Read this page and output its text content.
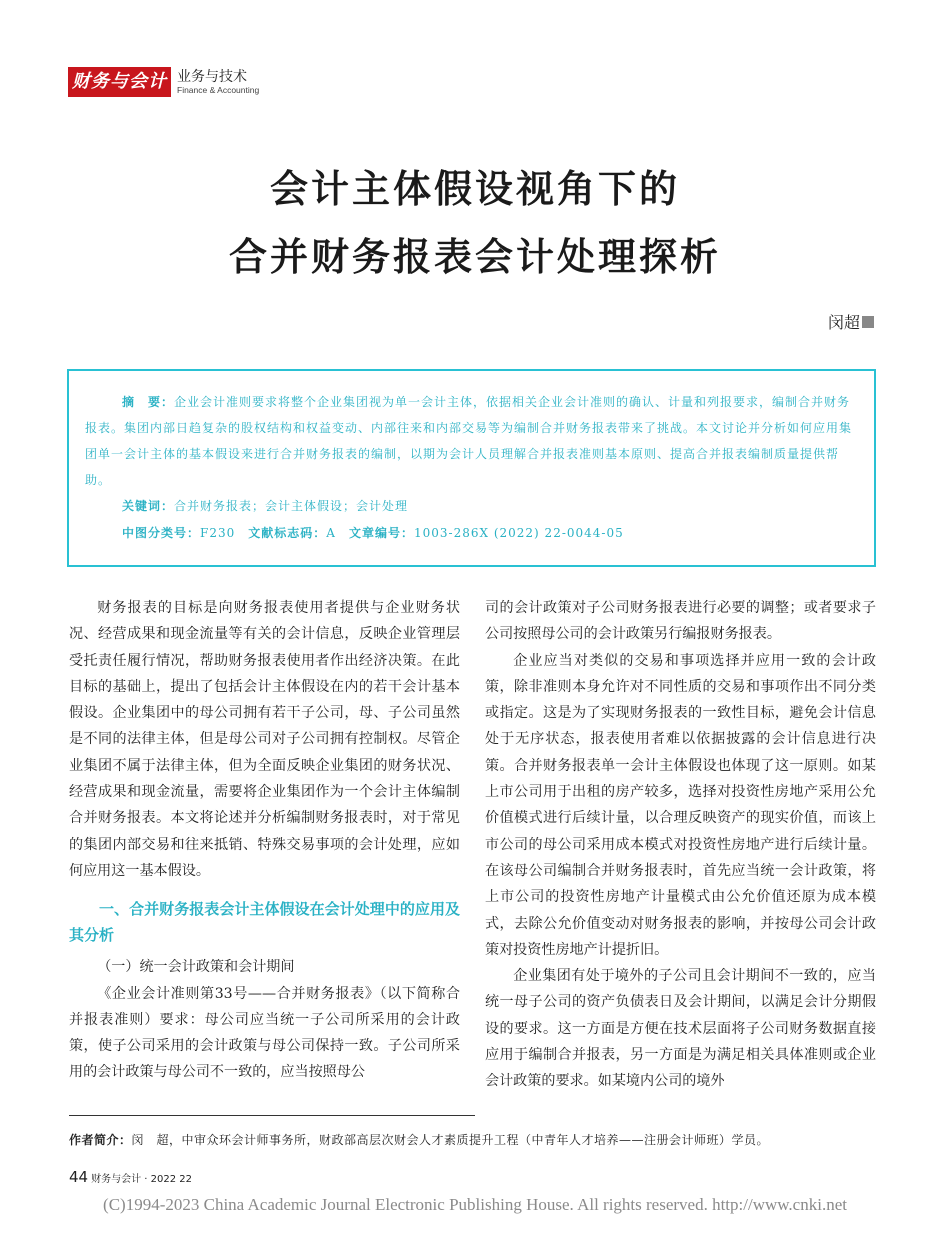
财务与会计 业务与技术
Finance & Accounting
会计主体假设视角下的
合并财务报表会计处理探析
闵超
摘　要：企业会计准则要求将整个企业集团视为单一会计主体，依据相关企业会计准则的确认、计量和列报要求，编制合并财务报表。集团内部日趋复杂的股权结构和权益变动、内部往来和内部交易等为编制合并财务报表带来了挑战。本文讨论并分析如何应用集团单一会计主体的基本假设来进行合并财务报表的编制，以期为会计人员理解合并报表准则基本原则、提高合并报表编制质量提供帮助。
关键词：合并财务报表；会计主体假设；会计处理
中图分类号：F230　 文献标志码：A　 文章编号：1003-286X (2022) 22-0044-05

财务报表的目标是向财务报表使用者提供与企业财务状况、经营成果和现金流量等有关的会计信息，反映企业管理层受托责任履行情况，帮助财务报表使用者作出经济决策。在此目标的基础上，提出了包括会计主体假设在内的若干会计基本假设。企业集团中的母公司拥有若干子公司，母、子公司虽然是不同的法律主体，但是母公司对子公司拥有控制权。尽管企业集团不属于法律主体，但为全面反映企业集团的财务状况、经营成果和现金流量，需要将企业集团作为一个会计主体编制合并财务报表。本文将论述并分析编制财务报表时，对于常见的集团内部交易和往来抵销、特殊交易事项的会计处理，应如何应用这一基本假设。

一、合并财务报表会计主体假设在会计处理中的应用及其分析

（一）统一会计政策和会计期间

《企业会计准则第33号——合并财务报表》（以下简称合并报表准则）要求：母公司应当统一子公司所采用的会计政策，使子公司采用的会计政策与母公司保持一致。子公司所采用的会计政策与母公司不一致的，应当按照母公

司的会计政策对子公司财务报表进行必要的调整；或者要求子公司按照母公司的会计政策另行编报财务报表。

企业应当对类似的交易和事项选择并应用一致的会计政策，除非准则本身允许对不同性质的交易和事项作出不同分类或指定。这是为了实现财务报表的一致性目标，避免会计信息处于无序状态，报表使用者难以依据披露的会计信息进行决策。合并财务报表单一会计主体假设也体现了这一原则。如某上市公司用于出租的房产较多，选择对投资性房地产采用公允价值模式进行后续计量，以合理反映资产的现实价值，而该上市公司的母公司采用成本模式对投资性房地产进行后续计量。在该母公司编制合并财务报表时，首先应当统一会计政策，将上市公司的投资性房地产计量模式由公允价值还原为成本模式，去除公允价值变动对财务报表的影响，并按母公司会计政策对投资性房地产计提折旧。

企业集团有处于境外的子公司且会计期间不一致的，应当统一母子公司的资产负债表日及会计期间，以满足会计分期假设的要求。这一方面是方便在技术层面将子公司财务数据直接应用于编制合并报表，另一方面是为满足相关具体准则或企业会计政策的要求。如某境内公司的境外

作者简介：闵　超，中审众环会计师事务所，财政部高层次财会人才素质提升工程（中青年人才培养——注册会计师班）学员。
44 财务与会计 · 2022 22
(C)1994-2023 China Academic Journal Electronic Publishing House. All rights reserved. http://www.cnki.net
